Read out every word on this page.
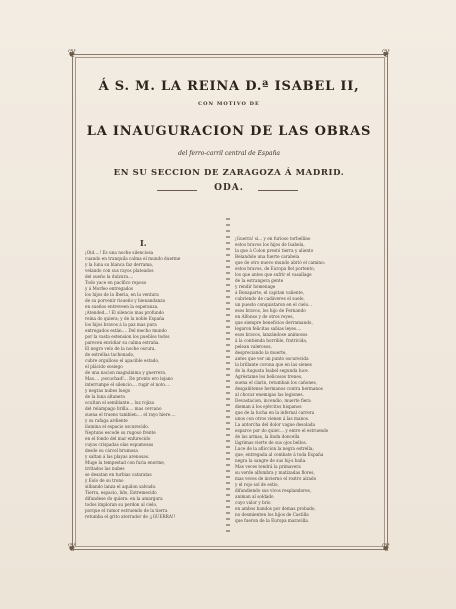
❦	❦
❦	❦
Á S. M. LA REINA D.ª ISABEL II,
CON MOTIVO DE
LA INAUGURACION DE LAS OBRAS
del ferro-carril central de España
EN SU SECCION DE ZARAGOZA Á MADRID.
ODA.
I.
¡Oid....! Es una noche silenciosa
cuando en tranquila calma el mundo duerme
y la luna su blanca faz derrama,
velando con sus rayos plateados
del sueño la dulzura....
Todo yace en pacífico reposo
y á Morfeo entregados
los hijos de la Iberia, en la ventura
de su porvenir risueño y bienandanza
en sueños entreveen la esperanza.
¡Atended...! El silencio mas profundo
reina do quiera; y de la noble España
los hijos bravos á la paz mas pura
entregados están.... Del mecho mundo
por la vasta estension los pueblos todos
parecen envidiar su calma estraña.
El negro velo de la noche oscura,
de estrellas tachonado,
cubre orgulloso el apacible estado,
el plácido sosiego
de una nacion magnánima y guerrera.
Mas.... ¡escuchad!... De pronto ero lejano
interrumpe el silencio.... rugir el noto....
y negras nubes luego
de la luna altanera
ocultan el semblante... luz rojiza
del relampago brilla.... mas cercano
suena el trueno tambien.... el rayo hiere....
y su rafaga ardiente
ilumina el espacio oscurecido.
Neptuno escode su rugoso frente
en el fondo del mar enfurecido
cuyas crispadas olas espumosas
desde su cárcel brumosa
y saltan á las playas arenosas.
Muge la tempestad con furia enorme,
irritados las nubes
se desatan en turbias cataratas
y Eolo de su trono
silbando lanza el aquilon salvado.
Tierra, espacio, lido, Estremecido
difundese do quiera: en la amargura
todos imploran su perdon al cielo,
porque el rumor estruendo de la tierra
retumba el grito aterrador de ¡¡GUERRA!!
¡Guerra! si... y en furioso torbellino
estos bravos los hijos de Isabela,
la que á Colon prestó tierra y aliento
Belandole una fuerte carabela
que de otro nuevo mundo abrió el camino:
estos bravos, de Europa fiel portento,
los que antes que sufrir el vasallage
de la estrangera gente
y rendir homenage
á Bonaparte, el capitan valiente,
cubriendo de cadáveres el suelo,
un puesto conquistaron en el cielo...
esos bravos, los hijo de Fernando
en Alfonso y de otros reyes,
que siempre beneficios derramando,
legaron felicitas sabias leyes....
esos bravos, lanzándose animosos
á la contienda horrible, fratricida,
pelean valerosos,
despreciando la muerte,
antes que ver un punto oscurecida
la brillante corona que en las sienes
de la Augusta Isabel segunda luce.
Agréstame los belicosos trenes,
suena el clarin, retumban los cañones,
desgañitense hermanos contra hermanos
al chocar enemigas las legiones.
Devastacion, incendio, muerte fiera
dieman á los ejércitos hispanos
que de la lucha en la infernal carrera
unos con otros vienen á las manos.
La antorcha del dolor vague desolada
esparce por do quier.... y entre el estruendo
de las armas, la linda doncella
lágrimas vierte de sus ojos bellos.
Luce de la afliccion la negra estrella;
que, entregada al combate á toda España
negra la sangre de sus hij-s baña.
Mas veces tendrá la primavera
su verde alfombra y matizadas flores,
mas veces de invierno el rostro airado
y el rojo sol de estío,
difundiendo sus vivos resplandores,
animan al soldado
cuyo valor y brio
en ambos bandos por demas probado,
no desmienten los hijos de Castilla
que fueron de la Europa maravilla.
